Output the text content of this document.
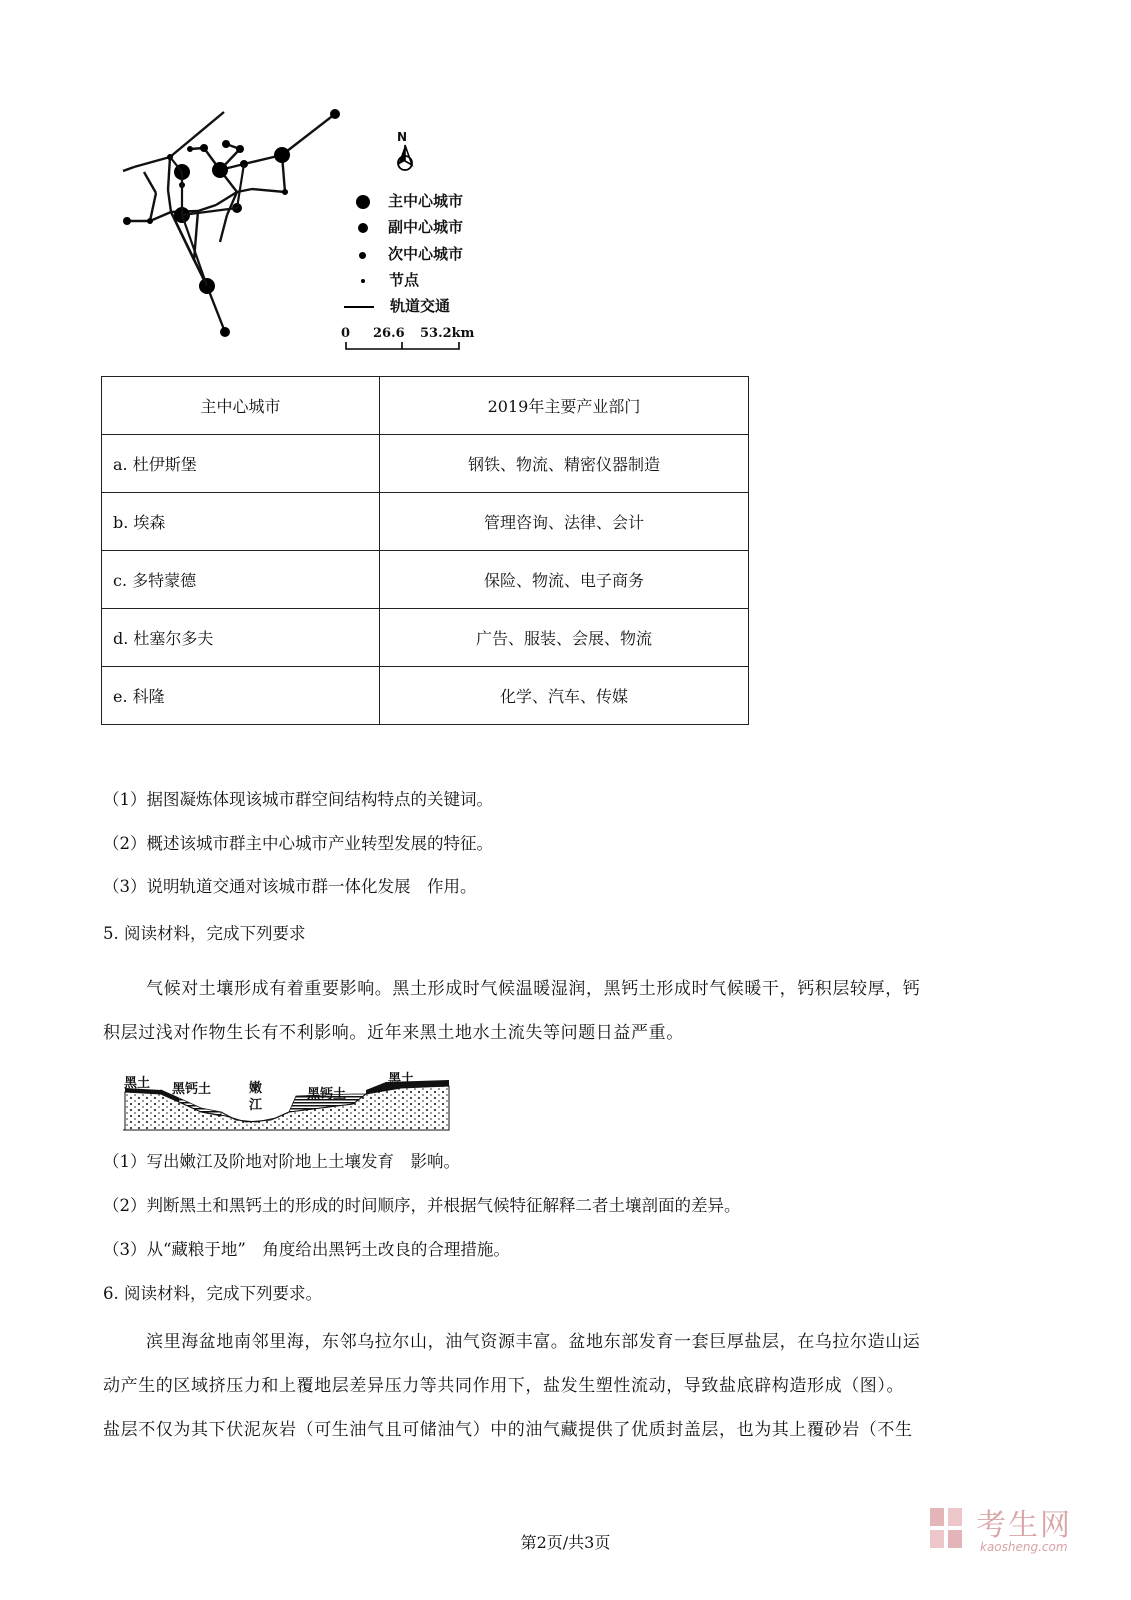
N
主中心城市
副中心城市
次中心城市
节点
轨道交通
0 26.6 53.2km
主中心城市	2019年主要产业部门
a. 杜伊斯堡	钢铁、物流、精密仪器制造
b. 埃森	管理咨询、法律、会计
c. 多特蒙德	保险、物流、电子商务
d. 杜塞尔多夫	广告、服装、会展、物流
e. 科隆	化学、汽车、传媒
（1）据图凝炼体现该城市群空间结构特点的关键词。
（2）概述该城市群主中心城市产业转型发展的特征。
（3）说明轨道交通对该城市群一体化发展　作用。
5. 阅读材料，完成下列要求
气候对土壤形成有着重要影响。黑土形成时气候温暖湿润，黑钙土形成时气候暖干，钙积层较厚，钙
积层过浅对作物生长有不利影响。近年来黑土地水土流失等问题日益严重。
黑土 黑钙土	嫩
江
黑钙土
黑土
（1）写出嫩江及阶地对阶地上土壤发育　影响。
（2）判断黑土和黑钙土的形成的时间顺序，并根据气候特征解释二者土壤剖面的差异。
（3）从“藏粮于地”　角度给出黑钙土改良的合理措施。
6. 阅读材料，完成下列要求。
滨里海盆地南邻里海，东邻乌拉尔山，油气资源丰富。盆地东部发育一套巨厚盐层，在乌拉尔造山运
动产生的区域挤压力和上覆地层差异压力等共同作用下，盐发生塑性流动，导致盐底辟构造形成（图）。
盐层不仅为其下伏泥灰岩（可生油气且可储油气）中的油气藏提供了优质封盖层，也为其上覆砂岩（不生
第2页/共3页	考生网
kaosheng.com
